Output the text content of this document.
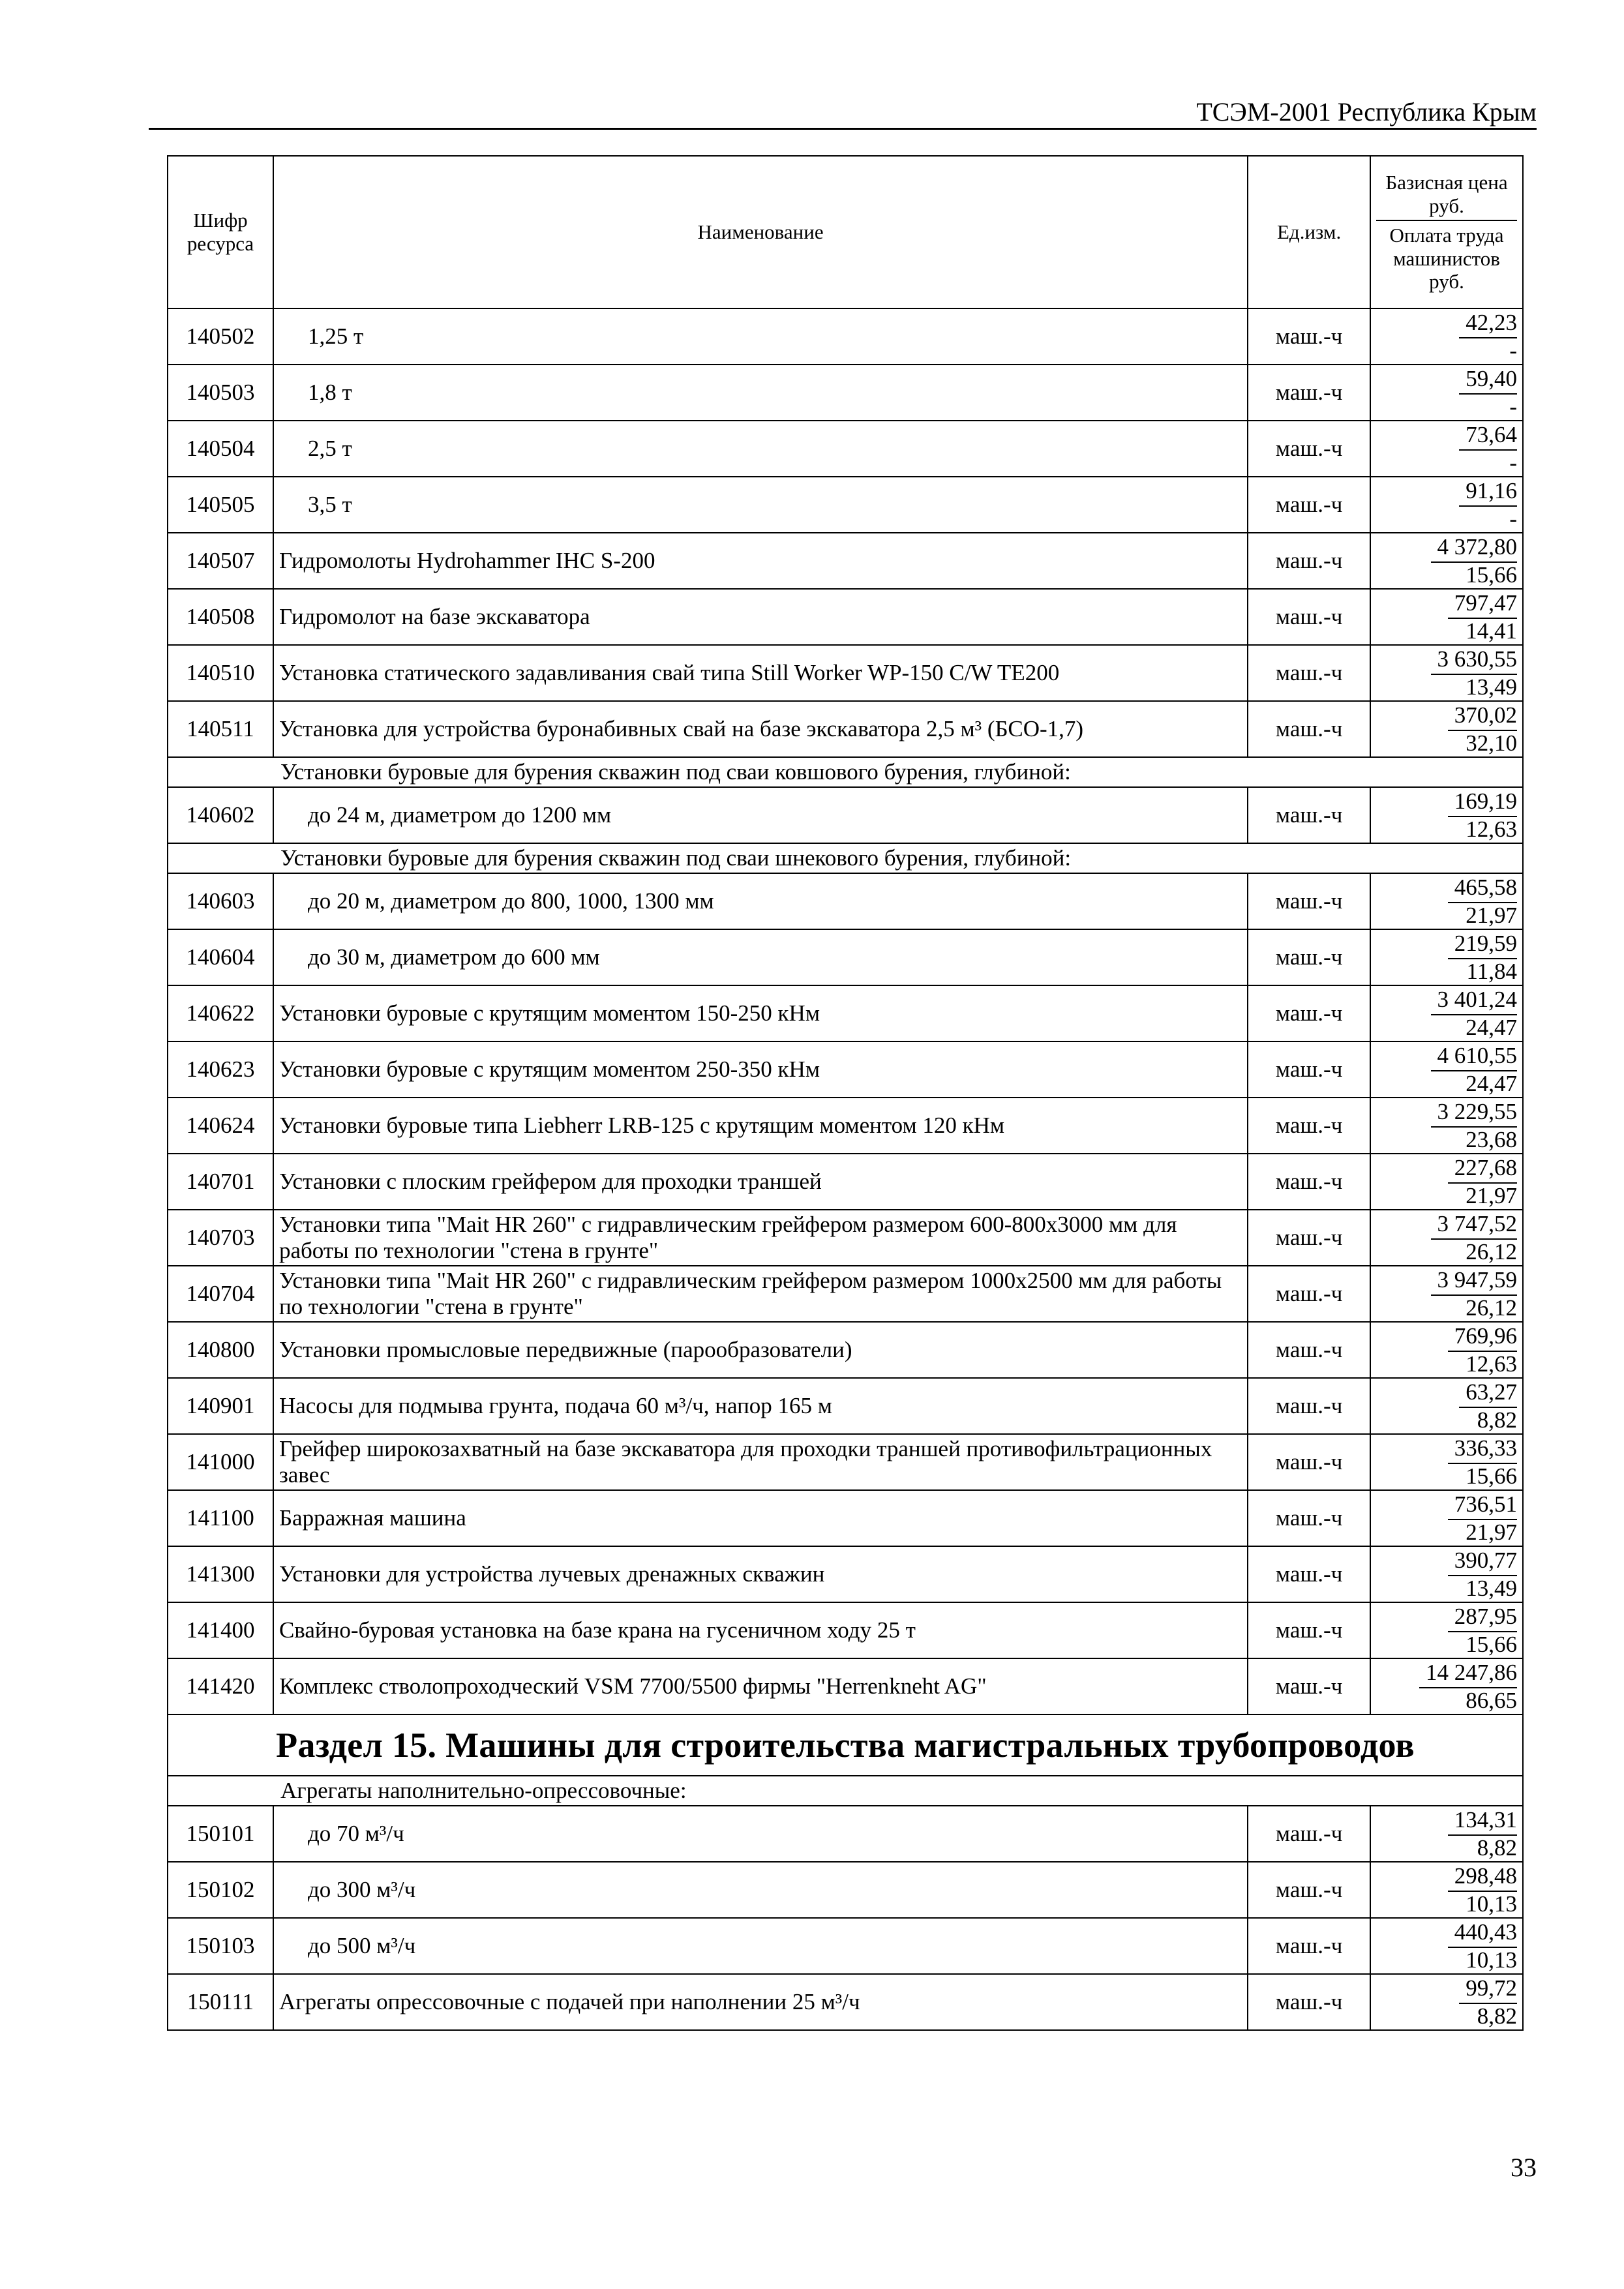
ТСЭМ-2001 Республика Крым
Шифр ресурса	Наименование	Ед.изм.	Базисная цена руб.
Оплата труда машинистов руб.

140502	1,25 т	маш.-ч	42,23
-

140503	1,8 т	маш.-ч	59,40
-

140504	2,5 т	маш.-ч	73,64
-

140505	3,5 т	маш.-ч	91,16
-

140507	Гидромолоты Hydrohammer IHC S-200	маш.-ч	4 372,80
15,66

140508	Гидромолот на базе экскаватора	маш.-ч	797,47
14,41

140510	Установка статического задавливания свай типа Still Worker WP-150 C/W TE200	маш.-ч	3 630,55
13,49

140511	Установка для устройства буронабивных свай на базе экскаватора 2,5 м³ (БСО-1,7)	маш.-ч	370,02
32,10

Установки буровые для бурения скважин под сваи ковшового бурения, глубиной:			
140602	до 24 м, диаметром до 1200 мм	маш.-ч	169,19
12,63

Установки буровые для бурения скважин под сваи шнекового бурения, глубиной:			
140603	до 20 м, диаметром до 800, 1000, 1300 мм	маш.-ч	465,58
21,97

140604	до 30 м, диаметром до 600 мм	маш.-ч	219,59
11,84

140622	Установки буровые с крутящим моментом 150-250 кНм	маш.-ч	3 401,24
24,47

140623	Установки буровые с крутящим моментом 250-350 кНм	маш.-ч	4 610,55
24,47

140624	Установки буровые типа Liebherr LRB-125 с крутящим моментом 120 кНм	маш.-ч	3 229,55
23,68

140701	Установки с плоским грейфером для проходки траншей	маш.-ч	227,68
21,97

140703	Установки типа "Mait HR 260" с гидравлическим грейфером размером 600-800х3000 мм для работы по технологии "стена в грунте"	маш.-ч	3 747,52
26,12

140704	Установки типа "Mait HR 260" с гидравлическим грейфером размером 1000х2500 мм для работы по технологии "стена в грунте"	маш.-ч	3 947,59
26,12

140800	Установки промысловые передвижные (парообразователи)	маш.-ч	769,96
12,63

140901	Насосы для подмыва грунта, подача 60 м³/ч, напор 165 м	маш.-ч	63,27
8,82

141000	Грейфер широкозахватный на базе экскаватора для проходки траншей противофильтрационных завес	маш.-ч	336,33
15,66

141100	Барражная машина	маш.-ч	736,51
21,97

141300	Установки для устройства лучевых дренажных скважин	маш.-ч	390,77
13,49

141400	Свайно-буровая установка на базе крана на гусеничном ходу 25 т	маш.-ч	287,95
15,66

141420	Комплекс стволопроходческий VSM 7700/5500 фирмы "Herrenkneht AG"	маш.-ч	14 247,86
86,65

Раздел 15. Машины для строительства магистральных трубопроводов			
Агрегаты наполнительно-опрессовочные:			
150101	до 70 м³/ч	маш.-ч	134,31
8,82

150102	до 300 м³/ч	маш.-ч	298,48
10,13

150103	до 500 м³/ч	маш.-ч	440,43
10,13

150111	Агрегаты опрессовочные с подачей при наполнении 25 м³/ч	маш.-ч	99,72
8,82
33
